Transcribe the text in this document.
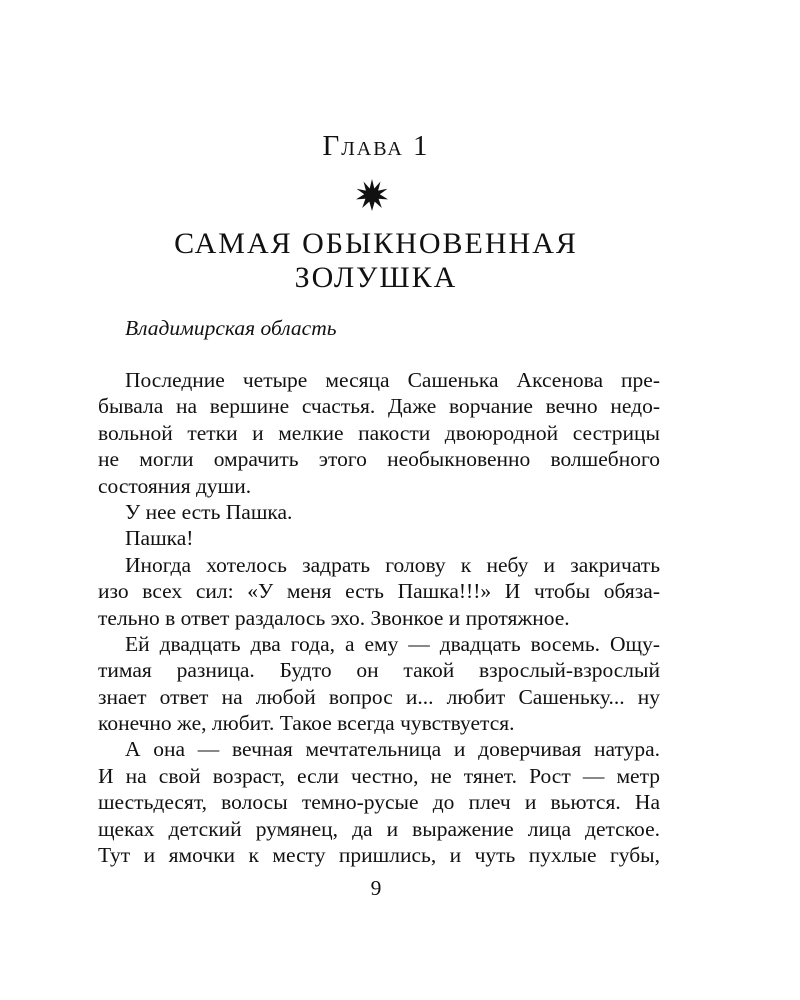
Глава 1
САМАЯ ОБЫКНОВЕННАЯ
ЗОЛУШКА
Владимирская область
Последние четыре месяца Сашенька Аксенова пре-
бывала на вершине счастья. Даже ворчание вечно недо-
вольной тетки и мелкие пакости двоюродной сестрицы
не могли омрачить этого необыкновенно волшебного
состояния души.
У нее есть Пашка.
Пашка!
Иногда хотелось задрать голову к небу и закричать
изо всех сил: «У меня есть Пашка!!!» И чтобы обяза-
тельно в ответ раздалось эхо. Звонкое и протяжное.
Ей двадцать два года, а ему — двадцать восемь. Ощу-
тимая разница. Будто он такой взрослый-взрослый
знает ответ на любой вопрос и... любит Сашеньку... ну
конечно же, любит. Такое всегда чувствуется.
А она — вечная мечтательница и доверчивая натура.
И на свой возраст, если честно, не тянет. Рост — метр
шестьдесят, волосы темно-русые до плеч и вьются. На
щеках детский румянец, да и выражение лица детское.
Тут и ямочки к месту пришлись, и чуть пухлые губы,
9
